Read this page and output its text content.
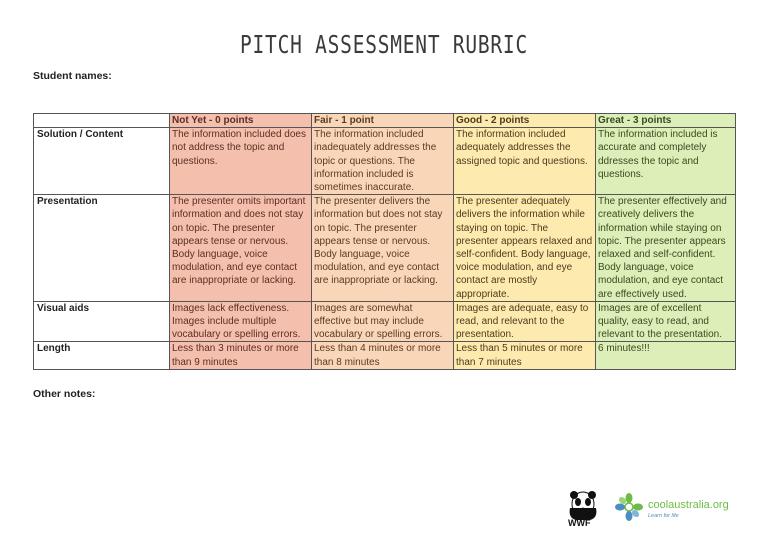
PITCH ASSESSMENT RUBRIC
Student names:
	Not Yet - 0 points	Fair - 1 point	Good - 2 points	Great - 3 points
Solution / Content	The information included does not address the topic and questions.	The information included inadequately addresses the topic or questions. The information included is sometimes inaccurate.	The information included adequately addresses the assigned topic and questions.	The information included is accurate and completely ddresses the topic and questions.
Presentation	The presenter omits important information and does not stay on topic. The presenter appears tense or nervous. Body language, voice modulation, and eye contact are inappropriate or lacking.	The presenter delivers the information but does not stay on topic. The presenter appears tense or nervous. Body language, voice modulation, and eye contact are inappropriate or lacking.	The presenter adequately delivers the information while staying on topic. The presenter appears relaxed and self-confident. Body language, voice modulation, and eye contact are mostly appropriate.	The presenter effectively and creatively delivers the information while staying on topic. The presenter appears relaxed and self-confident. Body language, voice modulation, and eye contact are effectively used.
Visual aids	Images lack effectiveness. Images include multiple vocabulary or spelling errors.	Images are somewhat effective but may include vocabulary or spelling errors.	Images are adequate, easy to read, and relevant to the presentation.	Images are of excellent quality, easy to read, and relevant to the presentation.
Length	Less than 3 minutes or more than 9 minutes	Less than 4 minutes or more than 8 minutes	Less than 5 minutes or more than 7 minutes	6 minutes!!!
Other notes:
WWF
coolaustralia.org
Learn for life
